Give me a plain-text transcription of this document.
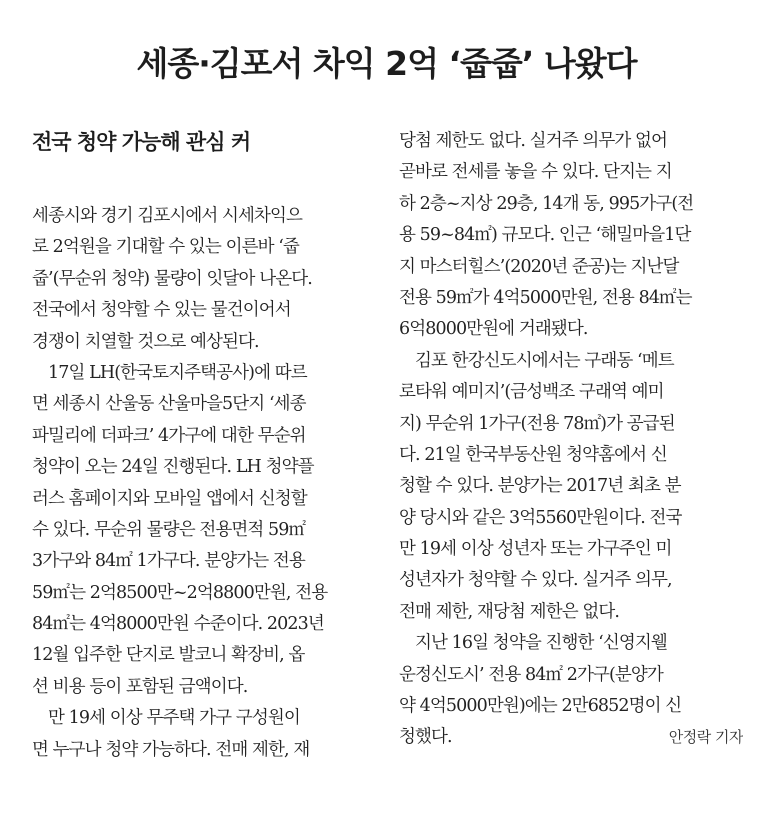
세종·김포서 차익 2억 ‘줍줍’ 나왔다
전국 청약 가능해 관심 커
세종시와 경기 김포시에서 시세차익으
로 2억원을 기대할 수 있는 이른바 ‘줍
줍’(무순위 청약) 물량이 잇달아 나온다.
전국에서 청약할 수 있는 물건이어서
경쟁이 치열할 것으로 예상된다.
17일 LH(한국토지주택공사)에 따르
면 세종시 산울동 산울마을5단지 ‘세종
파밀리에 더파크’ 4가구에 대한 무순위
청약이 오는 24일 진행된다. LH 청약플
러스 홈페이지와 모바일 앱에서 신청할
수 있다. 무순위 물량은 전용면적 59㎡
3가구와 84㎡ 1가구다. 분양가는 전용
59㎡는 2억8500만~2억8800만원, 전용
84㎡는 4억8000만원 수준이다. 2023년
12월 입주한 단지로 발코니 확장비, 옵
션 비용 등이 포함된 금액이다.
만 19세 이상 무주택 가구 구성원이
면 누구나 청약 가능하다. 전매 제한, 재
당첨 제한도 없다. 실거주 의무가 없어
곧바로 전세를 놓을 수 있다. 단지는 지
하 2층~지상 29층, 14개 동, 995가구(전
용 59~84㎡) 규모다. 인근 ‘해밀마을1단
지 마스터힐스’(2020년 준공)는 지난달
전용 59㎡가 4억5000만원, 전용 84㎡는
6억8000만원에 거래됐다.
김포 한강신도시에서는 구래동 ‘메트
로타워 예미지’(금성백조 구래역 예미
지) 무순위 1가구(전용 78㎡)가 공급된
다. 21일 한국부동산원 청약홈에서 신
청할 수 있다. 분양가는 2017년 최초 분
양 당시와 같은 3억5560만원이다. 전국
만 19세 이상 성년자 또는 가구주인 미
성년자가 청약할 수 있다. 실거주 의무,
전매 제한, 재당첨 제한은 없다.
지난 16일 청약을 진행한 ‘신영지웰
운정신도시’ 전용 84㎡ 2가구(분양가
약 4억5000만원)에는 2만6852명이 신
청했다.	안정락 기자
